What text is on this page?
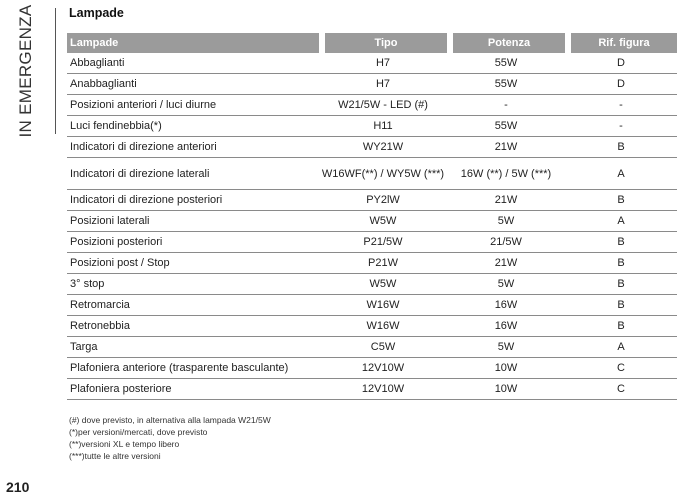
IN EMERGENZA	Lampade
Lampade		Tipo		Potenza		Rif. figura
Abbaglianti	H7		55W		D	
Anabbaglianti	H7		55W		D	
Posizioni anteriori / luci diurne	W21/5W - LED (#)		-		-	
Luci fendinebbia(*)	H11		55W		-	
Indicatori di direzione anteriori	WY21W		21W		B	
Indicatori di direzione laterali	W16WF(**) / WY5W (***)		16W (**) / 5W (***)		A	
Indicatori di direzione posteriori	PY2lW		21W		B	
Posizioni laterali	W5W		5W		A	
Posizioni posteriori	P21/5W		21/5W		B	
Posizioni post / Stop	P21W		21W		B	
3° stop	W5W		5W		B	
Retromarcia	W16W		16W		B	
Retronebbia	W16W		16W		B	
Targa	C5W		5W		A	
Plafoniera anteriore (trasparente basculante)	12V10W		10W		C	
Plafoniera posteriore	12V10W		10W		C	
(#) dove previsto, in alternativa alla lampada W21/5W
(*)per versioni/mercati, dove previsto
(**)versioni XL e tempo libero
(***)tutte le altre versioni
210
